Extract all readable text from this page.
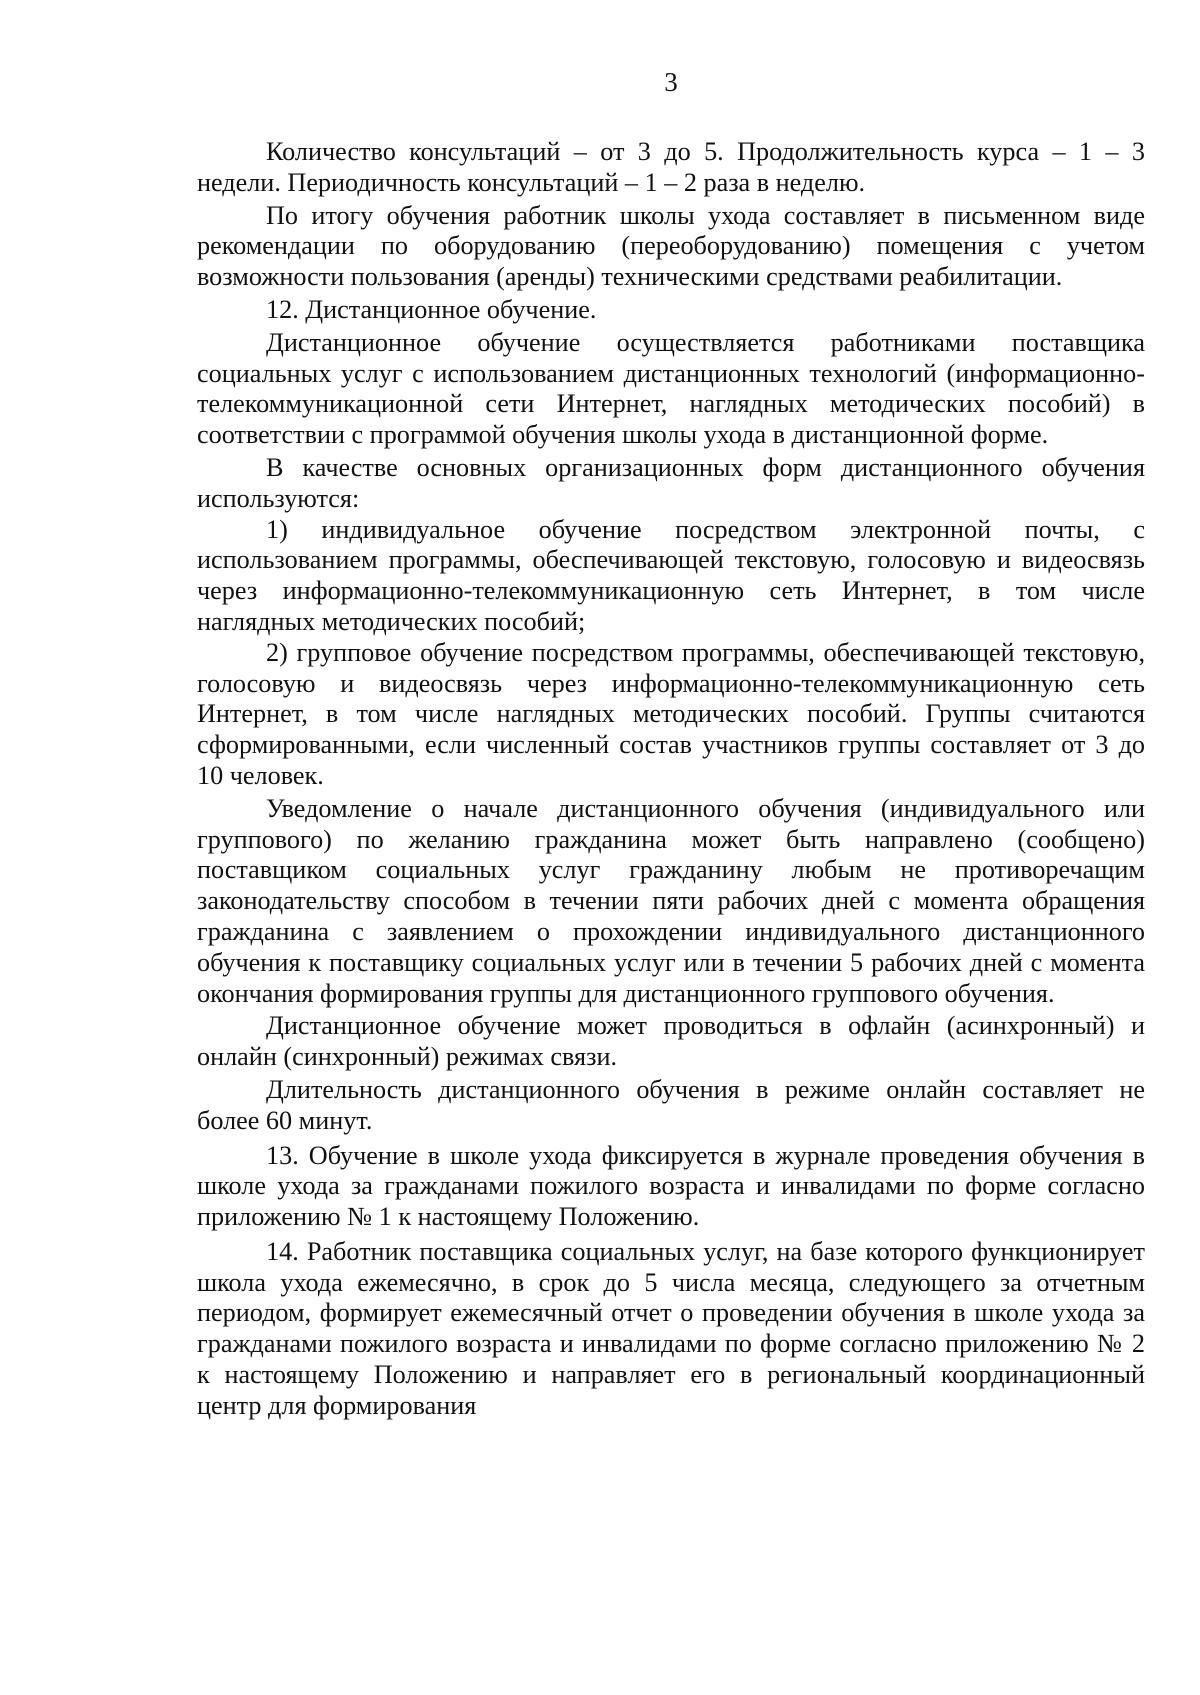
3

Количество консультаций – от 3 до 5. Продолжительность курса – 1 – 3 недели. Периодичность консультаций – 1 – 2 раза в неделю.

По итогу обучения работник школы ухода составляет в письменном виде рекомендации по оборудованию (переоборудованию) помещения с учетом возможности пользования (аренды) техническими средствами реабилитации.

12. Дистанционное обучение.

Дистанционное обучение осуществляется работниками поставщика социальных услуг с использованием дистанционных технологий (информационно-телекоммуникационной сети Интернет, наглядных методических пособий) в соответствии с программой обучения школы ухода в дистанционной форме.

В качестве основных организационных форм дистанционного обучения используются:

1) индивидуальное обучение посредством электронной почты, с использованием программы, обеспечивающей текстовую, голосовую и видеосвязь через информационно-телекоммуникационную сеть Интернет, в том числе наглядных методических пособий;

2) групповое обучение посредством программы, обеспечивающей текстовую, голосовую и видеосвязь через информационно-телекоммуникационную сеть Интернет, в том числе наглядных методических пособий. Группы считаются сформированными, если численный состав участников группы составляет от 3 до 10 человек.

Уведомление о начале дистанционного обучения (индивидуального или группового) по желанию гражданина может быть направлено (сообщено) поставщиком социальных услуг гражданину любым не противоречащим законодательству способом в течении пяти рабочих дней с момента обращения гражданина с заявлением о прохождении индивидуального дистанционного обучения к поставщику социальных услуг или в течении 5 рабочих дней с момента окончания формирования группы для дистанционного группового обучения.

Дистанционное обучение может проводиться в офлайн (асинхронный) и онлайн (синхронный) режимах связи.

Длительность дистанционного обучения в режиме онлайн составляет не более 60 минут.

13. Обучение в школе ухода фиксируется в журнале проведения обучения в школе ухода за гражданами пожилого возраста и инвалидами по форме согласно приложению № 1 к настоящему Положению.

14. Работник поставщика социальных услуг, на базе которого функционирует школа ухода ежемесячно, в срок до 5 числа месяца, следующего за отчетным периодом, формирует ежемесячный отчет о проведении обучения в школе ухода за гражданами пожилого возраста и инвалидами по форме согласно приложению № 2 к настоящему Положению и направляет его в региональный координационный центр для формирования
